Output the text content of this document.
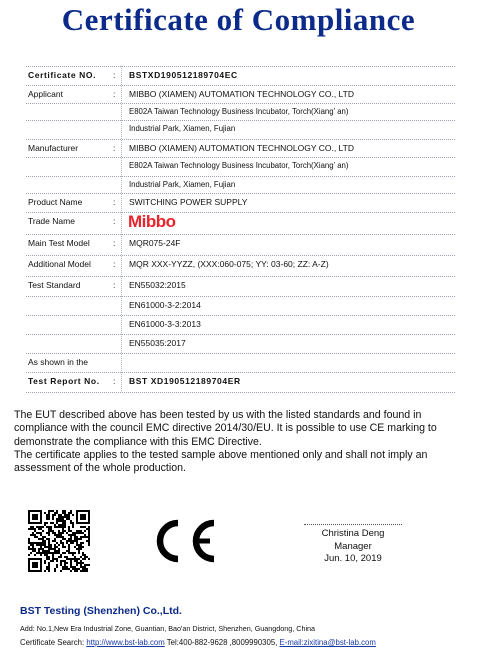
Certificate of Compliance
Certificate NO. : BSTXD190512189704EC
Applicant	: MIBBO (XIAMEN) AUTOMATION TECHNOLOGY CO., LTD
E802A Taiwan Technology Business Incubator, Torch(Xiang’ an)
Industrial Park, Xiamen, Fujian
Manufacturer	: MIBBO (XIAMEN) AUTOMATION TECHNOLOGY CO., LTD
E802A Taiwan Technology Business Incubator, Torch(Xiang’ an)
Industrial Park, Xiamen, Fujian
Product Name	: SWITCHING POWER SUPPLY
Trade Name	: Mibbo
Main Test Model	: MQR075-24F
Additional Model	: MQR XXX-YYZZ, (XXX:060-075; YY: 03-60; ZZ: A-Z)
Test Standard	: EN55032:2015
EN61000-3-2:2014
EN61000-3-3:2013
EN55035:2017
As shown in the
Test Report No. : BST XD190512189704ER

The EUT described above has been tested by us with the listed standards and found in compliance with the council EMC directive 2014/30/EU. It is possible to use CE marking to demonstrate the compliance with this EMC Directive.

The certificate applies to the tested sample above mentioned only and shall not imply an assessment of the whole production.

Christina Deng
Manager
Jun. 10, 2019
BST Testing (Shenzhen) Co.,Ltd.
Add: No.1,New Era Industrial Zone, Guantian, Bao'an District, Shenzhen, Guangdong, China
Certificate Search: http://www.bst-lab.com Tel:400-882-9628 ,8009990305, E-mail:zixitina@bst-lab.com
